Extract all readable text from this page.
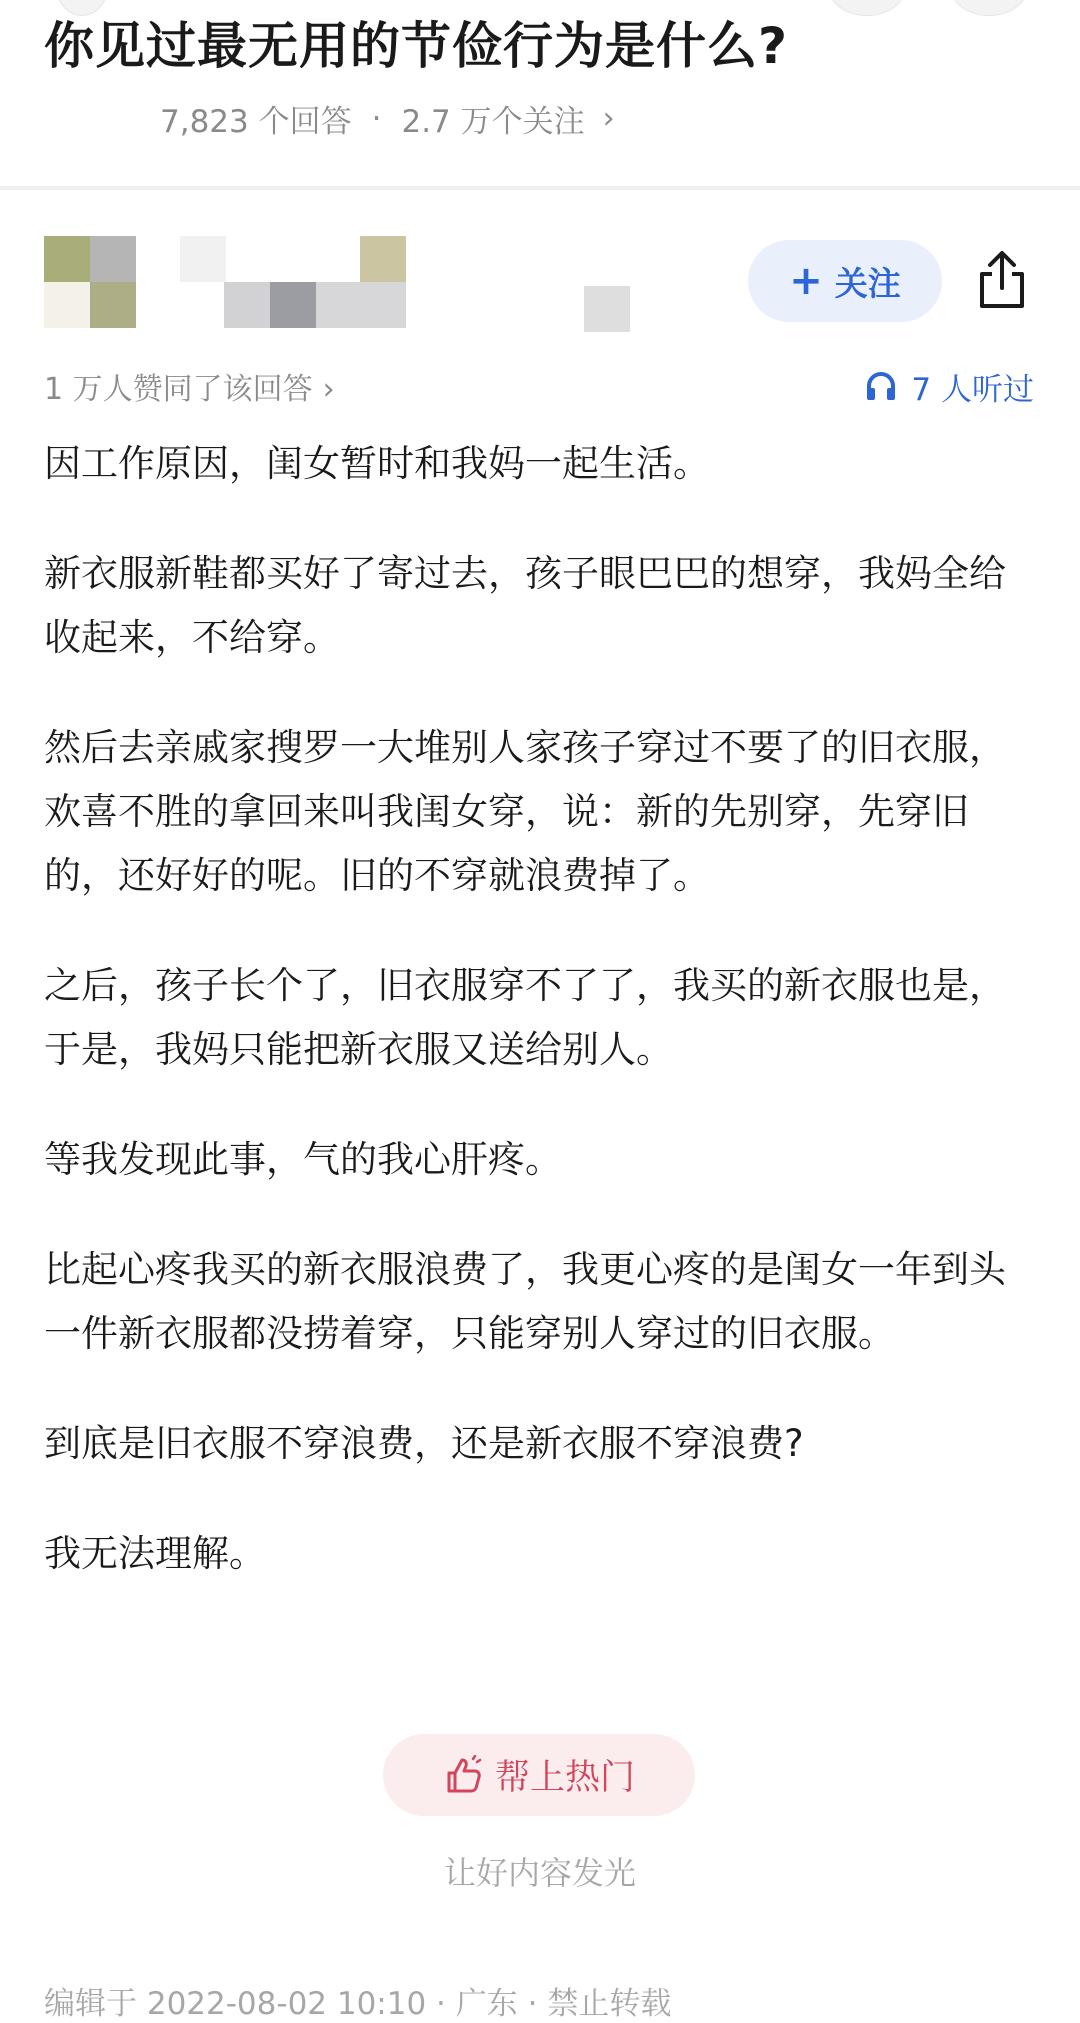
你见过最无用的节俭行为是什么?
7,823 个回答 · 2.7 万个关注 ›
+ 关注
1 万人赞同了该回答 ›	7 人听过

因工作原因，闺女暂时和我妈一起生活。

新衣服新鞋都买好了寄过去，孩子眼巴巴的想穿，我妈全给收起来，不给穿。

然后去亲戚家搜罗一大堆别人家孩子穿过不要了的旧衣服，欢喜不胜的拿回来叫我闺女穿，说：新的先别穿，先穿旧的，还好好的呢。旧的不穿就浪费掉了。

之后，孩子长个了，旧衣服穿不了了，我买的新衣服也是，于是，我妈只能把新衣服又送给别人。

等我发现此事，气的我心肝疼。

比起心疼我买的新衣服浪费了，我更心疼的是闺女一年到头一件新衣服都没捞着穿，只能穿别人穿过的旧衣服。

到底是旧衣服不穿浪费，还是新衣服不穿浪费?

我无法理解。

帮上热门
让好内容发光
编辑于 2022-08-02 10:10 · 广东 · 禁止转载
